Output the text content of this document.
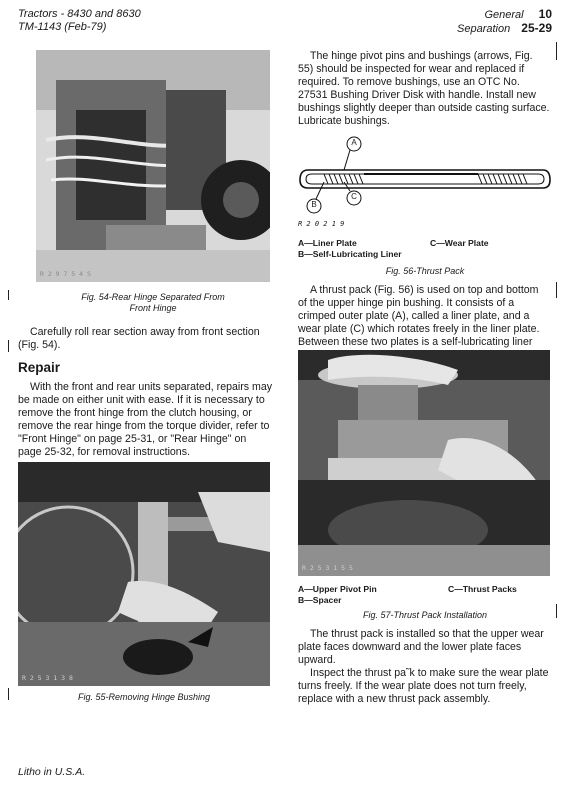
Tractors - 8430 and 8630
TM-1143 (Feb-79)
General 10
Separation 25-29
R 2 9 7 5 4 S
Fig. 54-Rear Hinge Separated From
Front Hinge
Carefully roll rear section away from front section (Fig. 54).
Repair
With the front and rear units separated, repairs may be made on either unit with ease. If it is necessary to remove the front hinge from the clutch housing, or remove the rear hinge from the torque divider, refer to "Front Hinge" on page 25-31, or "Rear Hinge" on page 25-32, for removal instructions.
R 2 5 3 1 3 8
Fig. 55-Removing Hinge Bushing
Litho in U.S.A.
The hinge pivot pins and bushings (arrows, Fig. 55) should be inspected for wear and replaced if required. To remove bushings, use an OTC No. 27531 Bushing Driver Disk with handle. Install new bushings slightly deeper than outside casting surface. Lubricate bushings.
A
B
C
R 2 0 2 1 9
A—Liner Plate	C—Wear Plate
B—Self-Lubricating Liner
Fig. 56-Thrust Pack
A thrust pack (Fig. 56) is used on top and bottom of the upper hinge pin bushing. It consists of a crimped outer plate (A), called a liner plate, and a wear plate (C) which rotates freely in the liner plate. Between these two plates is a self-lubricating liner
R 2 5 3 1 5 5
A—Upper Pivot Pin	C—Thrust Packs
B—Spacer
Fig. 57-Thrust Pack Installation
The thrust pack is installed so that the upper wear plate faces downward and the lower plate faces upward.
Inspect the thrust pa˜k to make sure the wear plate turns freely. If the wear plate does not turn freely, replace with a new thrust pack assembly.
